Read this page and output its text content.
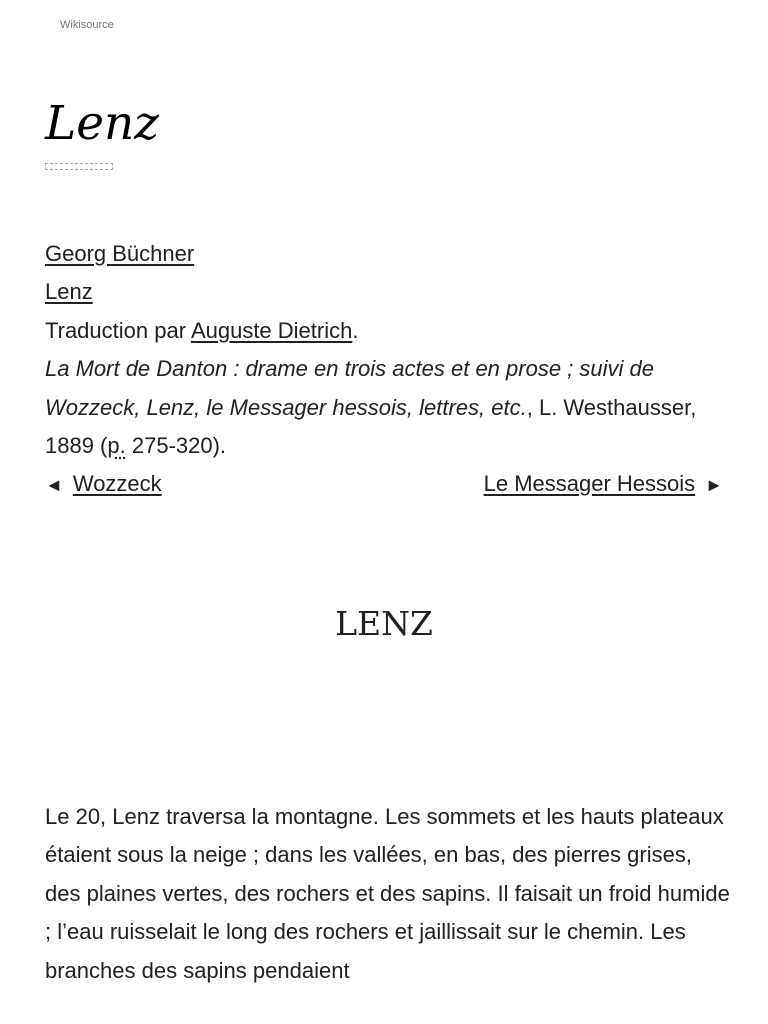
Wikisource
Lenz
Georg Büchner
Lenz
Traduction par Auguste Dietrich.
La Mort de Danton : drame en trois actes et en prose ; suivi de Wozzeck, Lenz, le Messager hessois, lettres, etc., L. Westhausser, 1889 (p. 275-320).
◄ Wozzeck	Le Messager Hessois ►
LENZ

Le 20, Lenz traversa la montagne. Les sommets et les hauts plateaux étaient sous la neige ; dans les vallées, en bas, des pierres grises, des plaines vertes, des rochers et des sapins. Il faisait un froid humide ; l’eau ruisselait le long des rochers et jaillissait sur le chemin. Les branches des sapins pendaient
